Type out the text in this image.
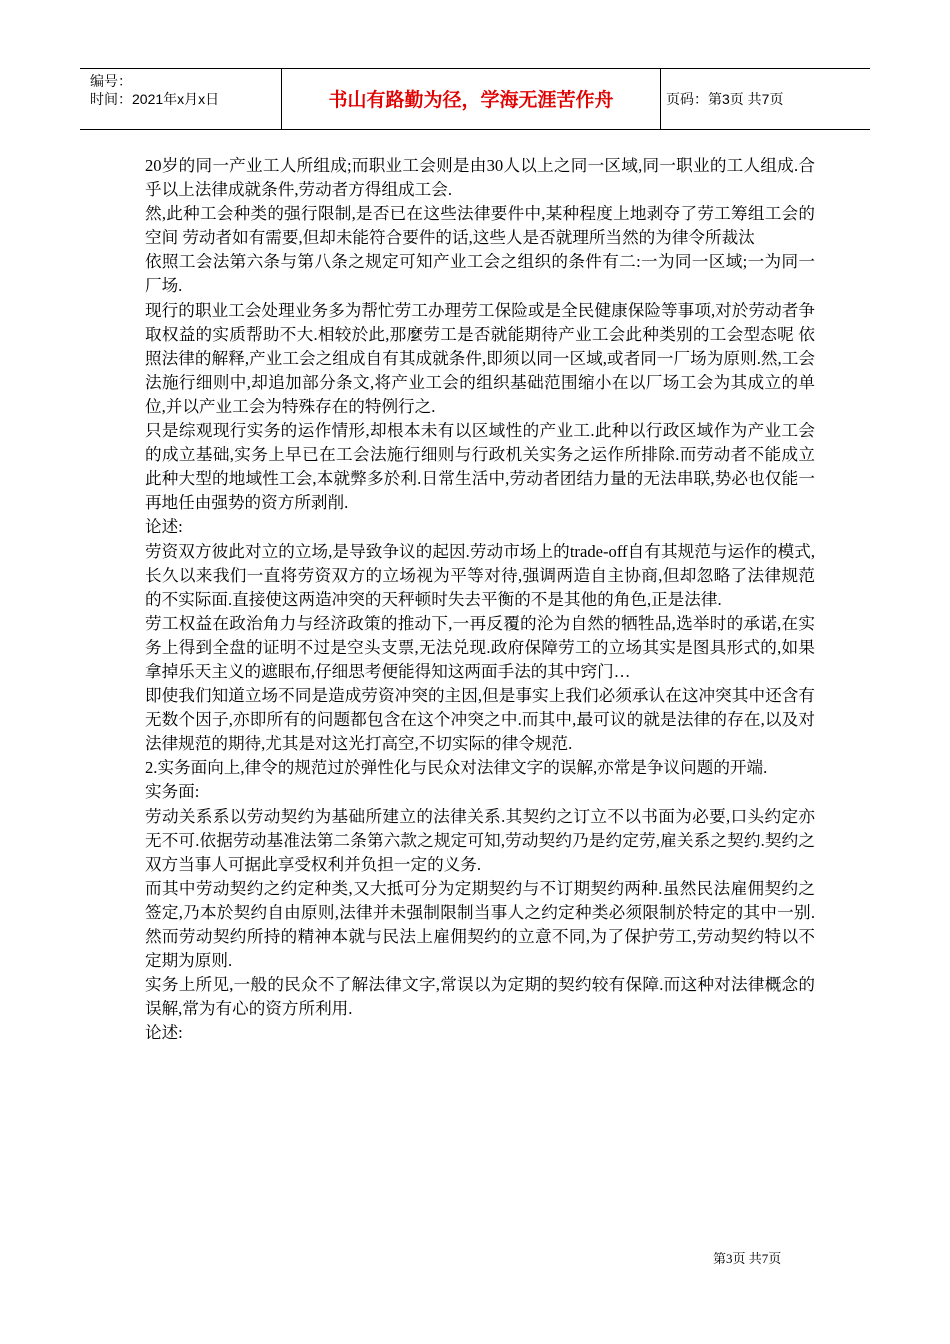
编号：
时间：2021年x月x日	书山有路勤为径，学海无涯苦作舟	页码：第3页 共7页

20岁的同一产业工人所组成;而职业工会则是由30人以上之同一区域,同一职业的工人组成.合乎以上法律成就条件,劳动者方得组成工会.

然,此种工会种类的强行限制,是否已在这些法律要件中,某种程度上地剥夺了劳工筹组工会的空间 劳动者如有需要,但却未能符合要件的话,这些人是否就理所当然的为律令所裁汰

依照工会法第六条与第八条之规定可知产业工会之组织的条件有二:一为同一区域;一为同一厂场.

现行的职业工会处理业务多为帮忙劳工办理劳工保险或是全民健康保险等事项,对於劳动者争取权益的实质帮助不大.相较於此,那麼劳工是否就能期待产业工会此种类别的工会型态呢 依照法律的解释,产业工会之组成自有其成就条件,即须以同一区域,或者同一厂场为原则.然,工会法施行细则中,却追加部分条文,将产业工会的组织基础范围缩小在以厂场工会为其成立的单位,并以产业工会为特殊存在的特例行之.

只是综观现行实务的运作情形,却根本未有以区域性的产业工.此种以行政区域作为产业工会的成立基础,实务上早已在工会法施行细则与行政机关实务之运作所排除.而劳动者不能成立此种大型的地域性工会,本就弊多於利.日常生活中,劳动者团结力量的无法串联,势必也仅能一再地任由强势的资方所剥削.

论述:

劳资双方彼此对立的立场,是导致争议的起因.劳动市场上的trade-off自有其规范与运作的模式,长久以来我们一直将劳资双方的立场视为平等对待,强调两造自主协商,但却忽略了法律规范的不实际面.直接使这两造冲突的天秤顿时失去平衡的不是其他的角色,正是法律.

劳工权益在政治角力与经济政策的推动下,一再反覆的沦为自然的牺牲品,选举时的承诺,在实务上得到全盘的证明不过是空头支票,无法兑现.政府保障劳工的立场其实是图具形式的,如果拿掉乐天主义的遮眼布,仔细思考便能得知这两面手法的其中窍门…

即使我们知道立场不同是造成劳资冲突的主因,但是事实上我们必须承认在这冲突其中还含有无数个因子,亦即所有的问题都包含在这个冲突之中.而其中,最可议的就是法律的存在,以及对法律规范的期待,尤其是对这光打高空,不切实际的律令规范.

2.实务面向上,律令的规范过於弹性化与民众对法律文字的误解,亦常是争议问题的开端.

实务面:

劳动关系系以劳动契约为基础所建立的法律关系.其契约之订立不以书面为必要,口头约定亦无不可.依据劳动基准法第二条第六款之规定可知,劳动契约乃是约定劳,雇关系之契约.契约之双方当事人可据此享受权利并负担一定的义务.

而其中劳动契约之约定种类,又大抵可分为定期契约与不订期契约两种.虽然民法雇佣契约之签定,乃本於契约自由原则,法律并未强制限制当事人之约定种类必须限制於特定的其中一别.然而劳动契约所持的精神本就与民法上雇佣契约的立意不同,为了保护劳工,劳动契约特以不定期为原则.

实务上所见,一般的民众不了解法律文字,常误以为定期的契约较有保障.而这种对法律概念的误解,常为有心的资方所利用.

论述:

第3页 共7页
